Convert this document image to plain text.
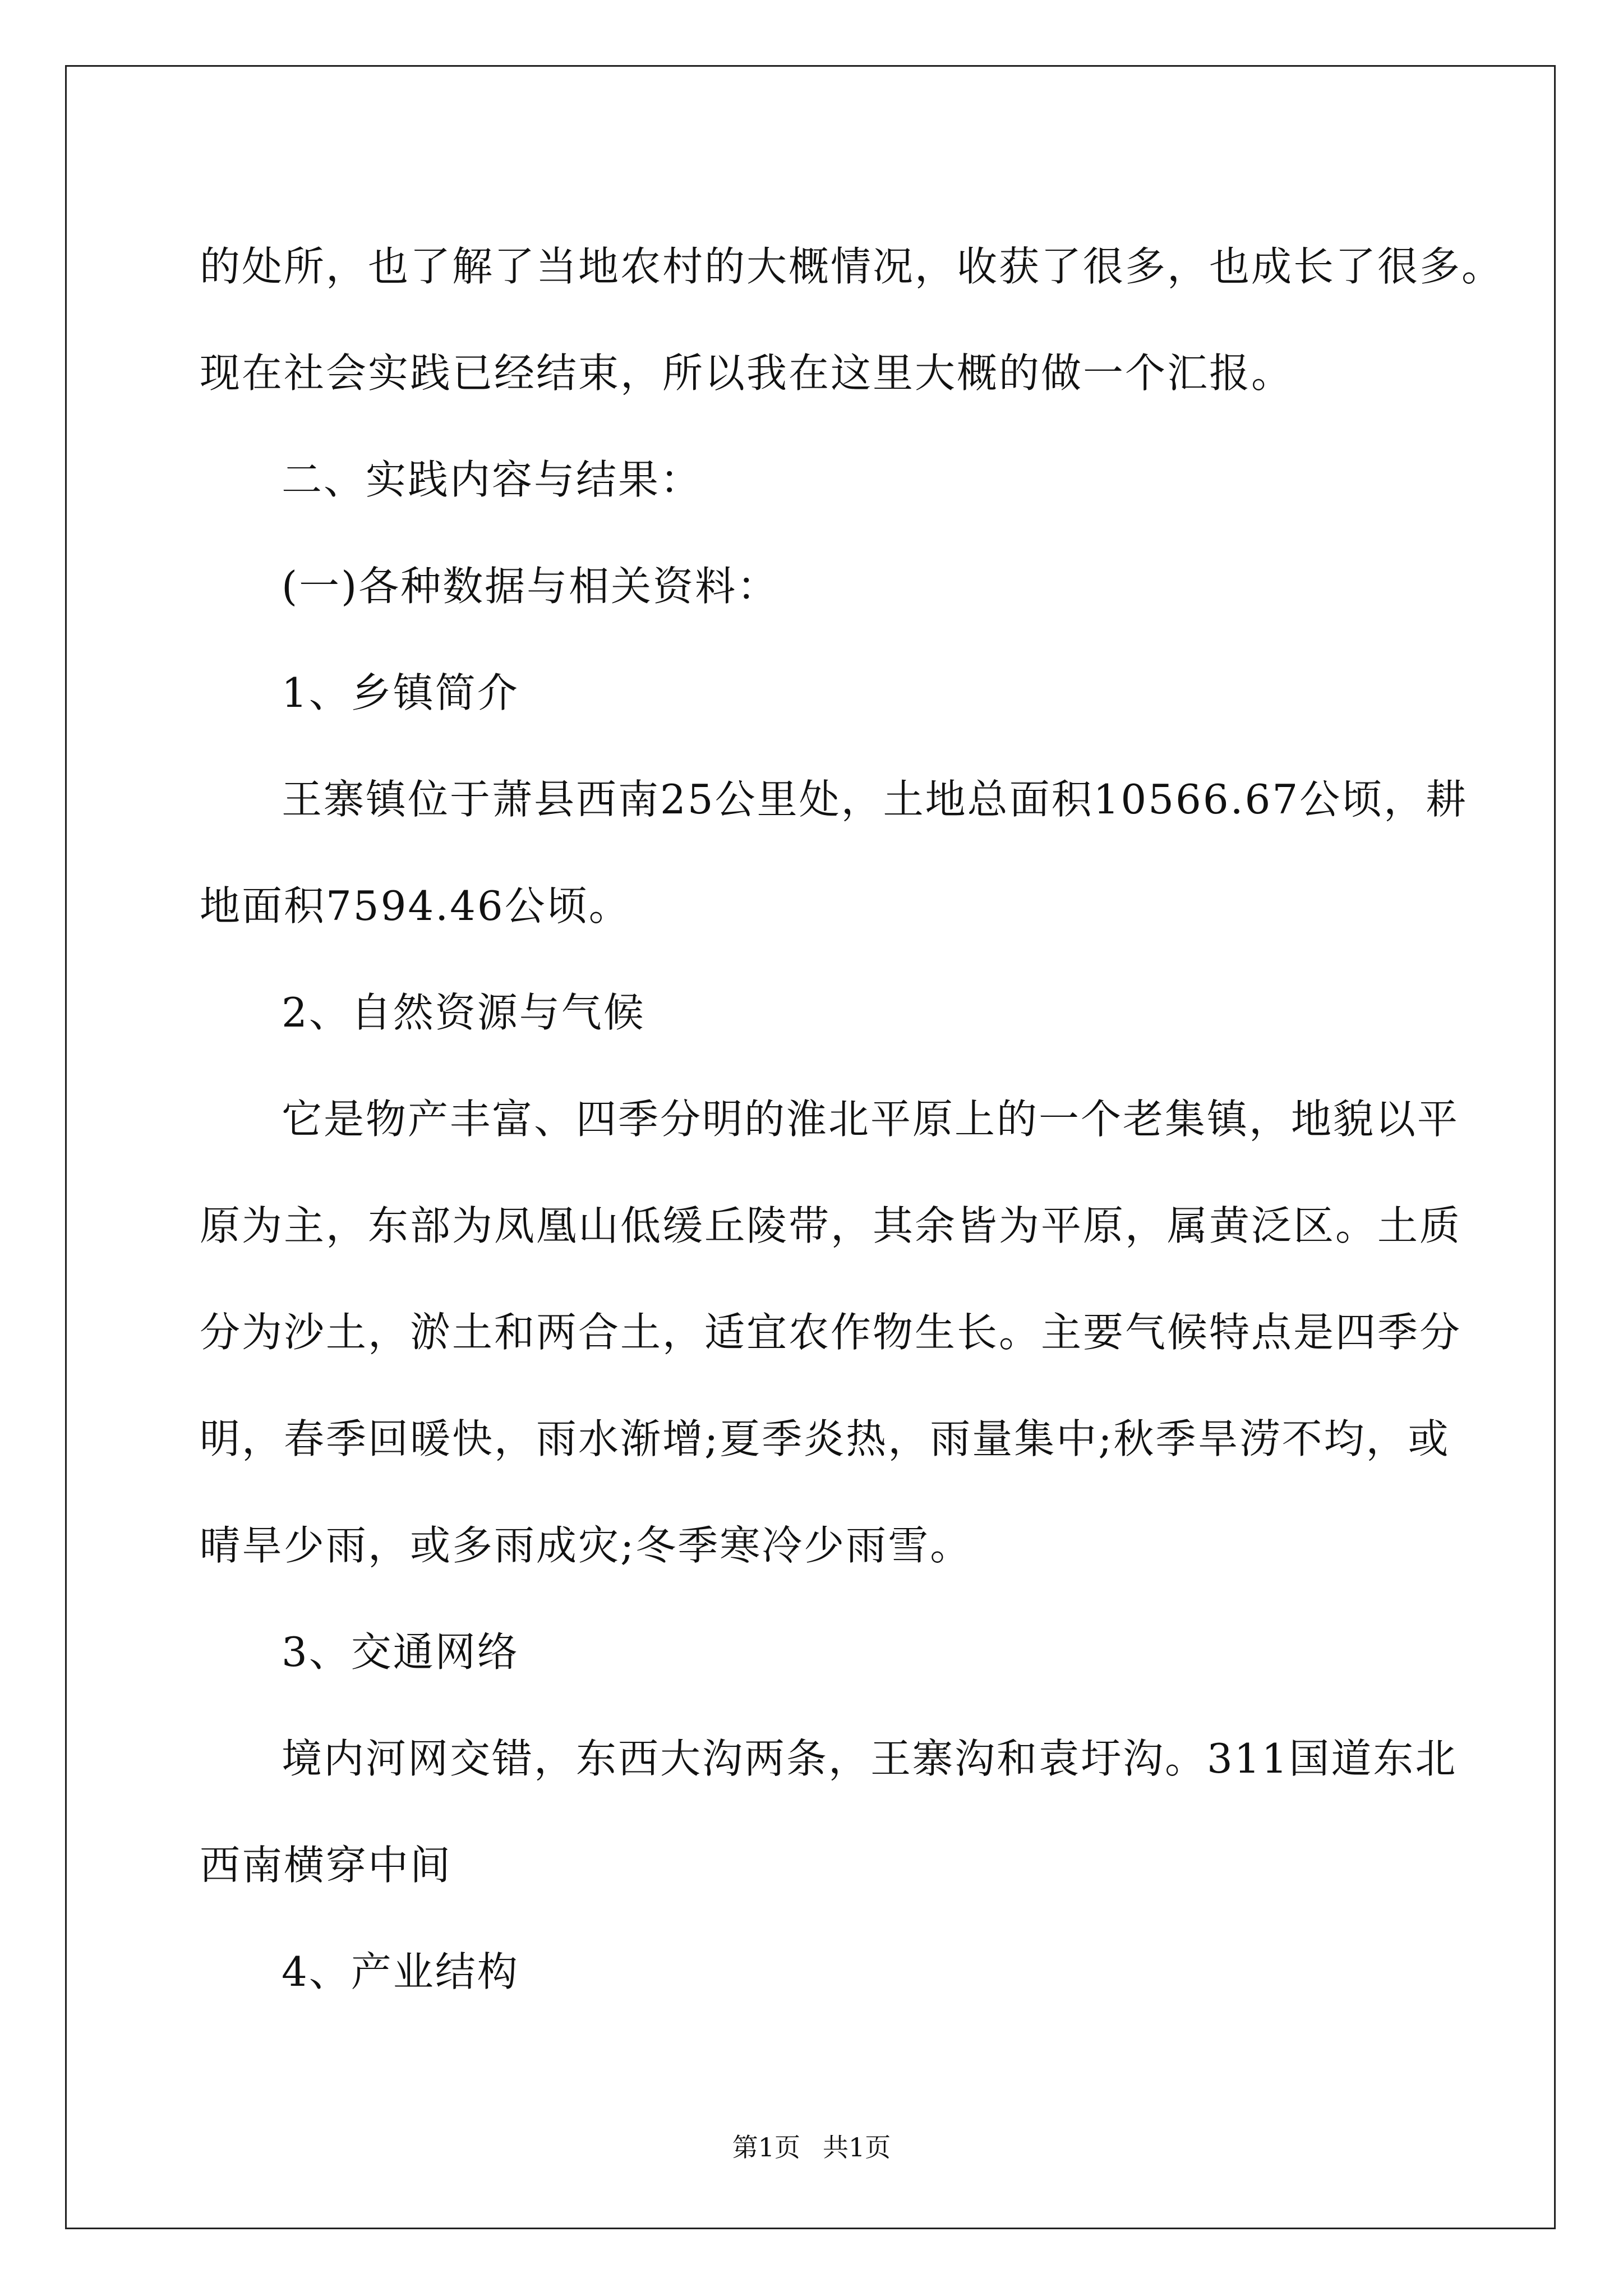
的处所，也了解了当地农村的大概情况，收获了很多，也成长了很多。

现在社会实践已经结束，所以我在这里大概的做一个汇报。

二、实践内容与结果：

(一)各种数据与相关资料：

1、乡镇简介

王寨镇位于萧县西南25公里处，土地总面积10566.67公顷，耕

地面积7594.46公顷。

2、自然资源与气候

它是物产丰富、四季分明的淮北平原上的一个老集镇，地貌以平

原为主，东部为凤凰山低缓丘陵带，其余皆为平原，属黄泛区。土质

分为沙土，淤土和两合土，适宜农作物生长。主要气候特点是四季分

明，春季回暖快，雨水渐增;夏季炎热，雨量集中;秋季旱涝不均，或

晴旱少雨，或多雨成灾;冬季寒冷少雨雪。

3、交通网络

境内河网交错，东西大沟两条，王寨沟和袁圩沟。311国道东北

西南横穿中间

4、产业结构

第1页 共1页
